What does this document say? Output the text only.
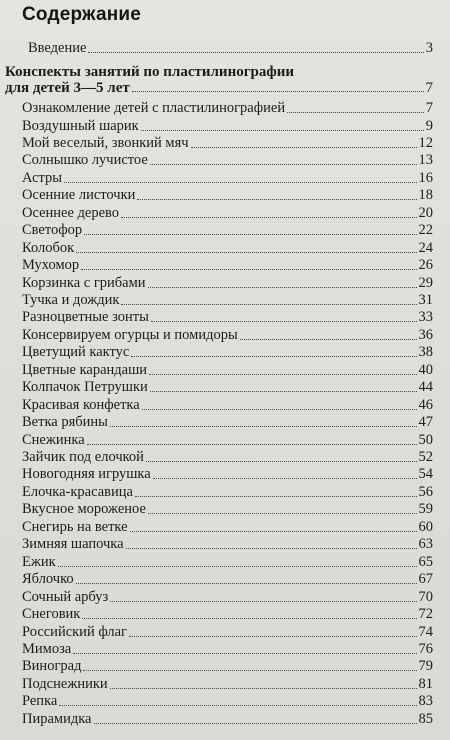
Содержание
Введение	3
Конспекты занятий по пластилинографии
для детей 3—5 лет	7
Ознакомление детей с пластилинографией	7
Воздушный шарик	9
Мой веселый, звонкий мяч	12
Солнышко лучистое	13
Астры	16
Осенние листочки	18
Осеннее дерево	20
Светофор	22
Колобок	24
Мухомор	26
Корзинка с грибами	29
Тучка и дождик	31
Разноцветные зонты	33
Консервируем огурцы и помидоры	36
Цветущий кактус	38
Цветные карандаши	40
Колпачок Петрушки	44
Красивая конфетка	46
Ветка рябины	47
Снежинка	50
Зайчик под елочкой	52
Новогодняя игрушка	54
Елочка-красавица	56
Вкусное мороженое	59
Снегирь на ветке	60
Зимняя шапочка	63
Ежик	65
Яблочко	67
Сочный арбуз	70
Снеговик	72
Российский флаг	74
Мимоза	76
Виноград	79
Подснежники	81
Репка	83
Пирамидка	85
